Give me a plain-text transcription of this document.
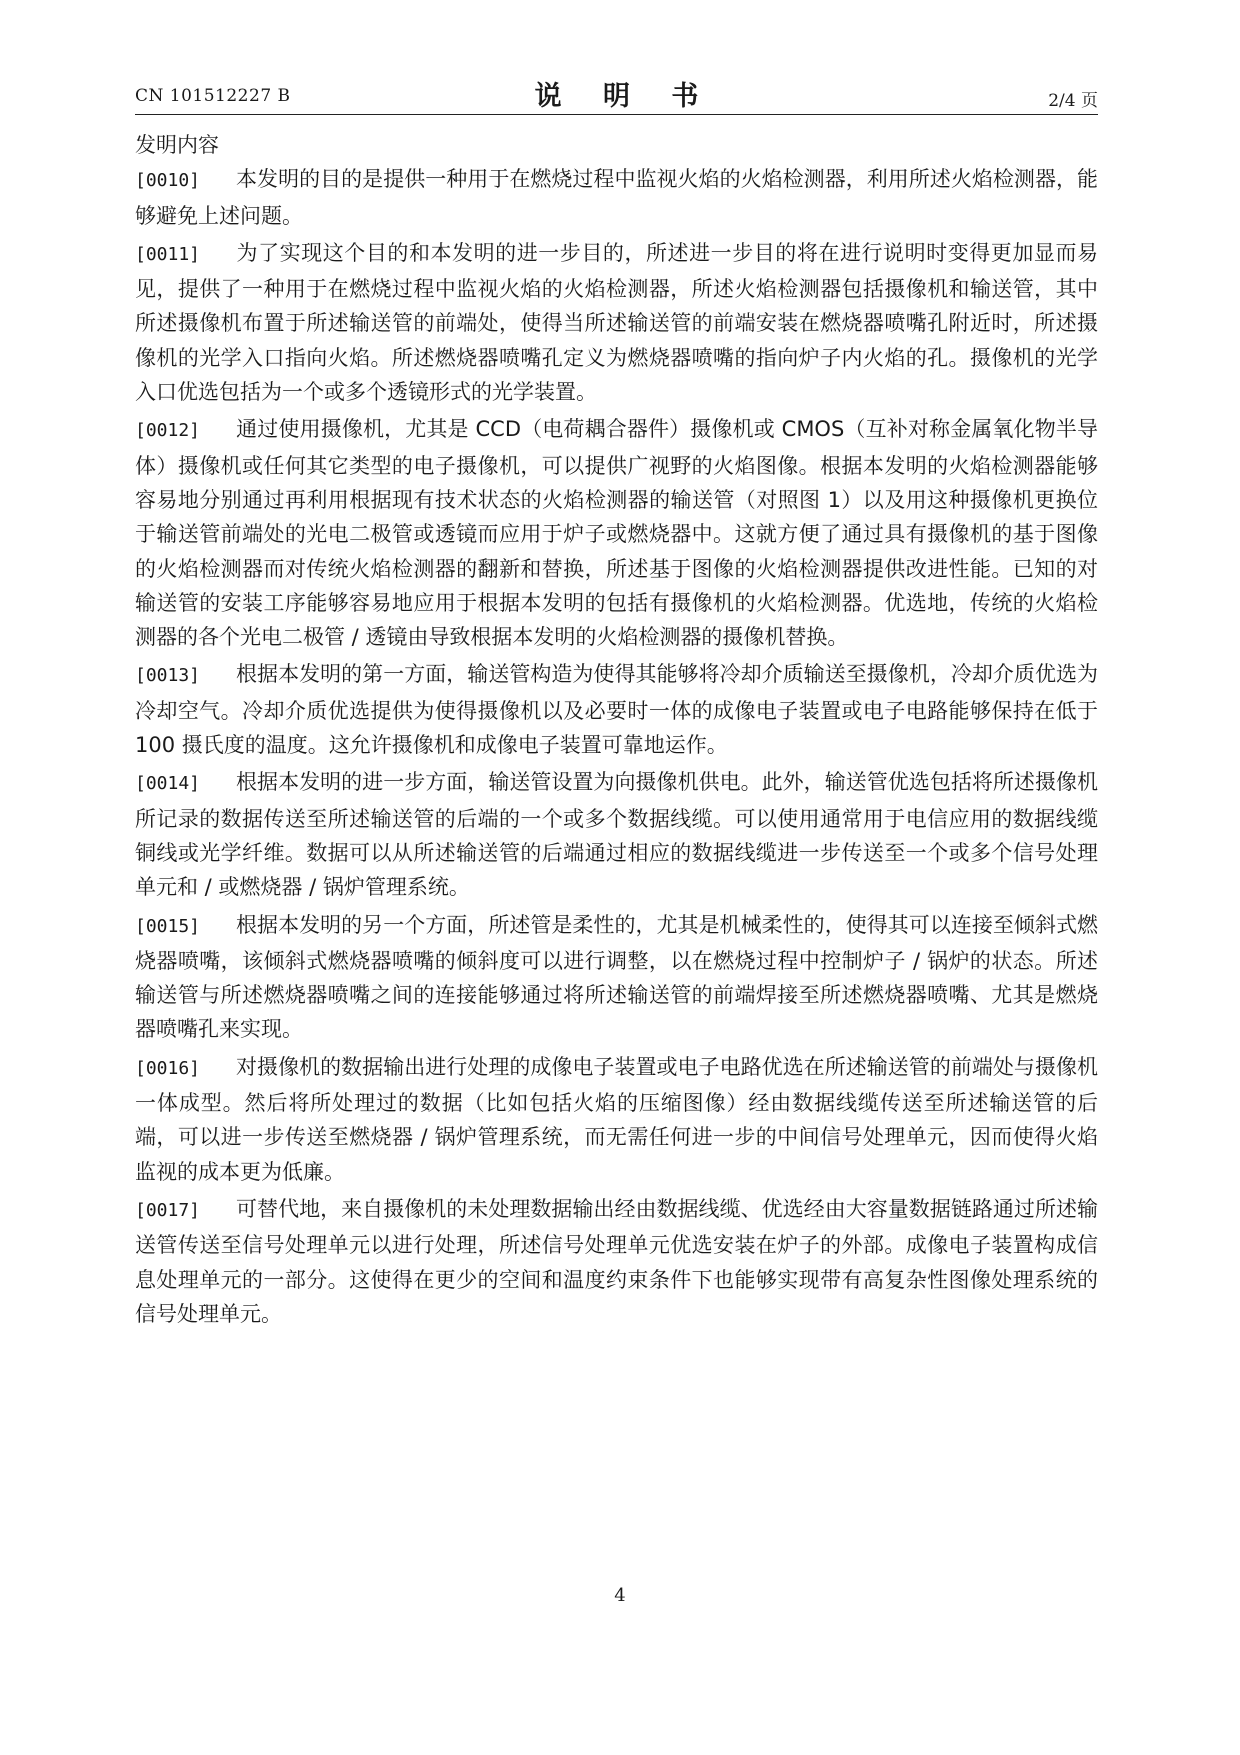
CN 101512227 B	说 明 书	2/4 页
发明内容

[0010] 本发明的目的是提供一种用于在燃烧过程中监视火焰的火焰检测器，利用所述火焰检测器，能够避免上述问题。

[0011] 为了实现这个目的和本发明的进一步目的，所述进一步目的将在进行说明时变得更加显而易见，提供了一种用于在燃烧过程中监视火焰的火焰检测器，所述火焰检测器包括摄像机和输送管，其中所述摄像机布置于所述输送管的前端处，使得当所述输送管的前端安装在燃烧器喷嘴孔附近时，所述摄像机的光学入口指向火焰。所述燃烧器喷嘴孔定义为燃烧器喷嘴的指向炉子内火焰的孔。摄像机的光学入口优选包括为一个或多个透镜形式的光学装置。

[0012] 通过使用摄像机，尤其是 CCD（电荷耦合器件）摄像机或 CMOS（互补对称金属氧化物半导体）摄像机或任何其它类型的电子摄像机，可以提供广视野的火焰图像。根据本发明的火焰检测器能够容易地分别通过再利用根据现有技术状态的火焰检测器的输送管（对照图 1）以及用这种摄像机更换位于输送管前端处的光电二极管或透镜而应用于炉子或燃烧器中。这就方便了通过具有摄像机的基于图像的火焰检测器而对传统火焰检测器的翻新和替换，所述基于图像的火焰检测器提供改进性能。已知的对输送管的安装工序能够容易地应用于根据本发明的包括有摄像机的火焰检测器。优选地，传统的火焰检测器的各个光电二极管 / 透镜由导致根据本发明的火焰检测器的摄像机替换。

[0013] 根据本发明的第一方面，输送管构造为使得其能够将冷却介质输送至摄像机，冷却介质优选为冷却空气。冷却介质优选提供为使得摄像机以及必要时一体的成像电子装置或电子电路能够保持在低于 100 摄氏度的温度。这允许摄像机和成像电子装置可靠地运作。

[0014] 根据本发明的进一步方面，输送管设置为向摄像机供电。此外，输送管优选包括将所述摄像机所记录的数据传送至所述输送管的后端的一个或多个数据线缆。可以使用通常用于电信应用的数据线缆铜线或光学纤维。数据可以从所述输送管的后端通过相应的数据线缆进一步传送至一个或多个信号处理单元和 / 或燃烧器 / 锅炉管理系统。

[0015] 根据本发明的另一个方面，所述管是柔性的，尤其是机械柔性的，使得其可以连接至倾斜式燃烧器喷嘴，该倾斜式燃烧器喷嘴的倾斜度可以进行调整，以在燃烧过程中控制炉子 / 锅炉的状态。所述输送管与所述燃烧器喷嘴之间的连接能够通过将所述输送管的前端焊接至所述燃烧器喷嘴、尤其是燃烧器喷嘴孔来实现。

[0016] 对摄像机的数据输出进行处理的成像电子装置或电子电路优选在所述输送管的前端处与摄像机一体成型。然后将所处理过的数据（比如包括火焰的压缩图像）经由数据线缆传送至所述输送管的后端，可以进一步传送至燃烧器 / 锅炉管理系统，而无需任何进一步的中间信号处理单元，因而使得火焰监视的成本更为低廉。

[0017] 可替代地，来自摄像机的未处理数据输出经由数据线缆、优选经由大容量数据链路通过所述输送管传送至信号处理单元以进行处理，所述信号处理单元优选安装在炉子的外部。成像电子装置构成信息处理单元的一部分。这使得在更少的空间和温度约束条件下也能够实现带有高复杂性图像处理系统的信号处理单元。

4
